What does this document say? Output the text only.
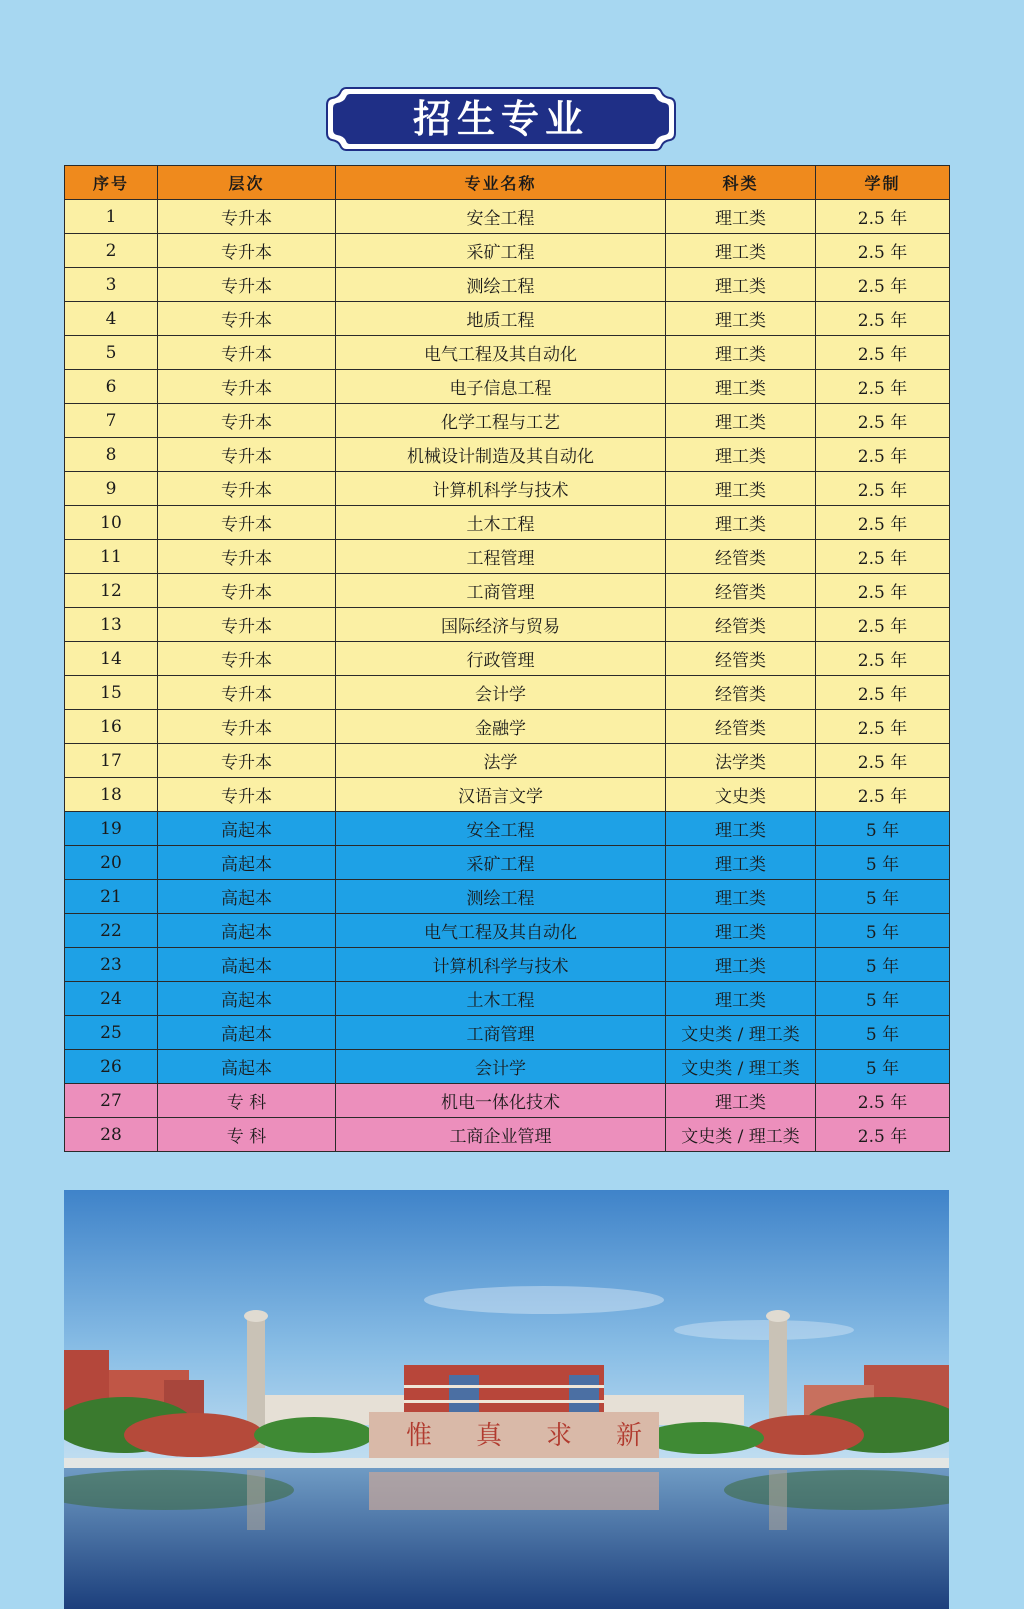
招生专业
序号	层次	专业名称	科类	学制
1	专升本	安全工程	理工类	2.5 年
2	专升本	采矿工程	理工类	2.5 年
3	专升本	测绘工程	理工类	2.5 年
4	专升本	地质工程	理工类	2.5 年
5	专升本	电气工程及其自动化	理工类	2.5 年
6	专升本	电子信息工程	理工类	2.5 年
7	专升本	化学工程与工艺	理工类	2.5 年
8	专升本	机械设计制造及其自动化	理工类	2.5 年
9	专升本	计算机科学与技术	理工类	2.5 年
10	专升本	土木工程	理工类	2.5 年
11	专升本	工程管理	经管类	2.5 年
12	专升本	工商管理	经管类	2.5 年
13	专升本	国际经济与贸易	经管类	2.5 年
14	专升本	行政管理	经管类	2.5 年
15	专升本	会计学	经管类	2.5 年
16	专升本	金融学	经管类	2.5 年
17	专升本	法学	法学类	2.5 年
18	专升本	汉语言文学	文史类	2.5 年
19	高起本	安全工程	理工类	5 年
20	高起本	采矿工程	理工类	5 年
21	高起本	测绘工程	理工类	5 年
22	高起本	电气工程及其自动化	理工类	5 年
23	高起本	计算机科学与技术	理工类	5 年
24	高起本	土木工程	理工类	5 年
25	高起本	工商管理	文史类 / 理工类	5 年
26	高起本	会计学	文史类 / 理工类	5 年
27	专 科	机电一体化技术	理工类	2.5 年
28	专 科	工商企业管理	文史类 / 理工类	2.5 年
惟 真 求 新
